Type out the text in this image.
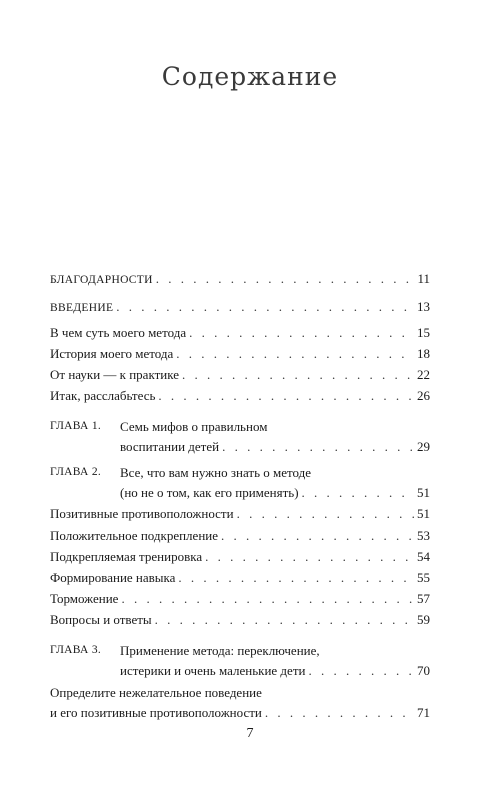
Содержание
БЛАГОДАРНОСТИ . . .	11
ВВЕДЕНИЕ . . .	13
В чем суть моего метода . . .	15
История моего метода . . .	18
От науки — к практике . . .	22
Итак, расслабьтесь . . .	26
ГЛАВА 1. Семь мифов о правильном
воспитании детей . . .	29
ГЛАВА 2. Все, что вам нужно знать о методе
(но не о том, как его применять) . . .	51
Позитивные противоположности . . .	51
Положительное подкрепление . . .	53
Подкрепляемая тренировка . . .	54
Формирование навыка . . .	55
Торможение . . .	57
Вопросы и ответы . . .	59
ГЛАВА 3. Применение метода: переключение,
истерики и очень маленькие дети . . .	70
Определите нежелательное поведение
и его позитивные противоположности . . .	71
7
